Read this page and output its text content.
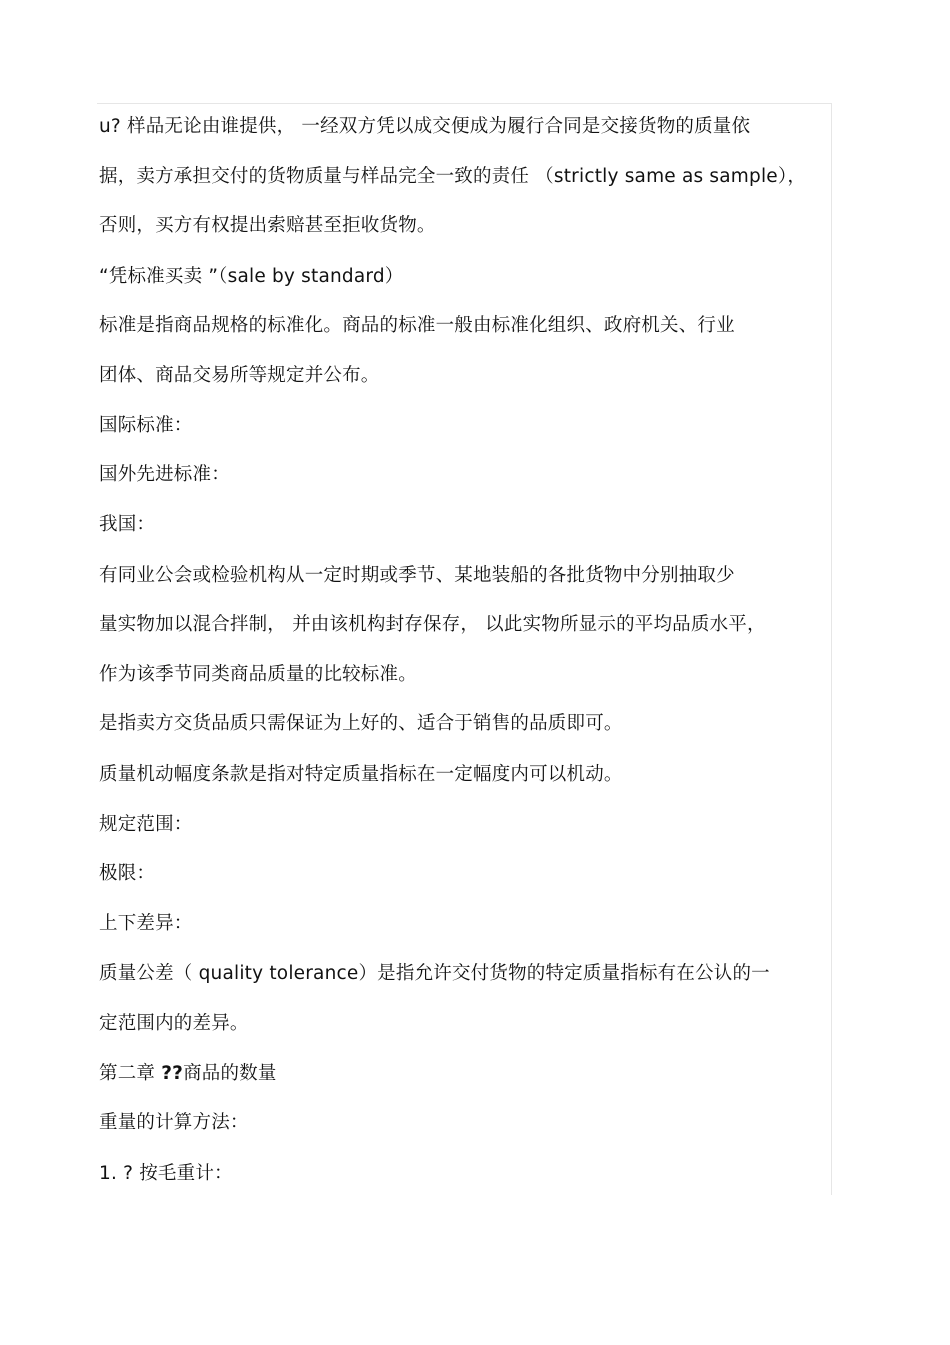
u? 样品无论由谁提供， 一经双方凭以成交便成为履行合同是交接货物的质量依
据，卖方承担交付的货物质量与样品完全一致的责任 （strictly same as sample），
否则，买方有权提出索赔甚至拒收货物。
“凭标准买卖 ”（sale by standard）
标准是指商品规格的标准化。商品的标准一般由标准化组织、政府机关、行业
团体、商品交易所等规定并公布。
国际标准：
国外先进标准：
我国：
有同业公会或检验机构从一定时期或季节、某地装船的各批货物中分别抽取少
量实物加以混合拌制， 并由该机构封存保存， 以此实物所显示的平均品质水平，
作为该季节同类商品质量的比较标准。
是指卖方交货品质只需保证为上好的、适合于销售的品质即可。
质量机动幅度条款是指对特定质量指标在一定幅度内可以机动。
规定范围：
极限：
上下差异：
质量公差（ quality tolerance）是指允许交付货物的特定质量指标有在公认的一
定范围内的差异。
第二章 ??商品的数量
重量的计算方法：
1. ? 按毛重计：
